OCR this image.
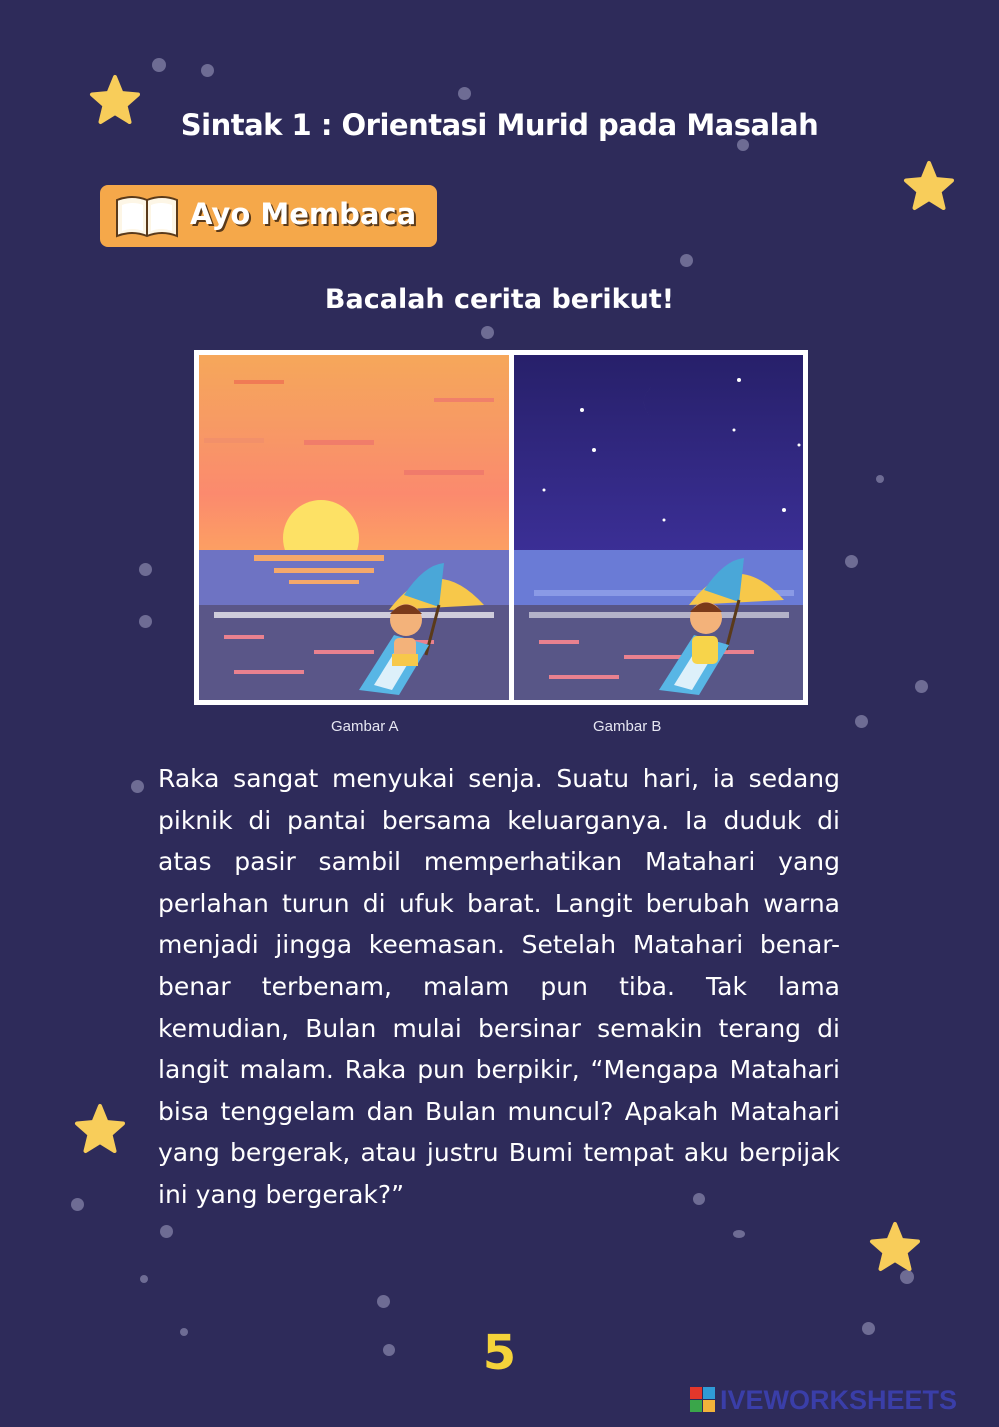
Sintak 1 : Orientasi Murid pada Masalah
Ayo Membaca
Bacalah cerita berikut!
Gambar A	Gambar B
Raka sangat menyukai senja. Suatu hari, ia sedang piknik di pantai bersama keluarganya. Ia duduk di atas pasir sambil memperhatikan Matahari yang perlahan turun di ufuk barat. Langit berubah warna menjadi jingga keemasan. Setelah Matahari benar-benar terbenam, malam pun tiba. Tak lama kemudian, Bulan mulai bersinar semakin terang di langit malam. Raka pun berpikir, “Mengapa Matahari bisa tenggelam dan Bulan muncul? Apakah Matahari yang bergerak, atau justru Bumi tempat aku berpijak ini yang bergerak?”
5
IVEWORKSHEETS
